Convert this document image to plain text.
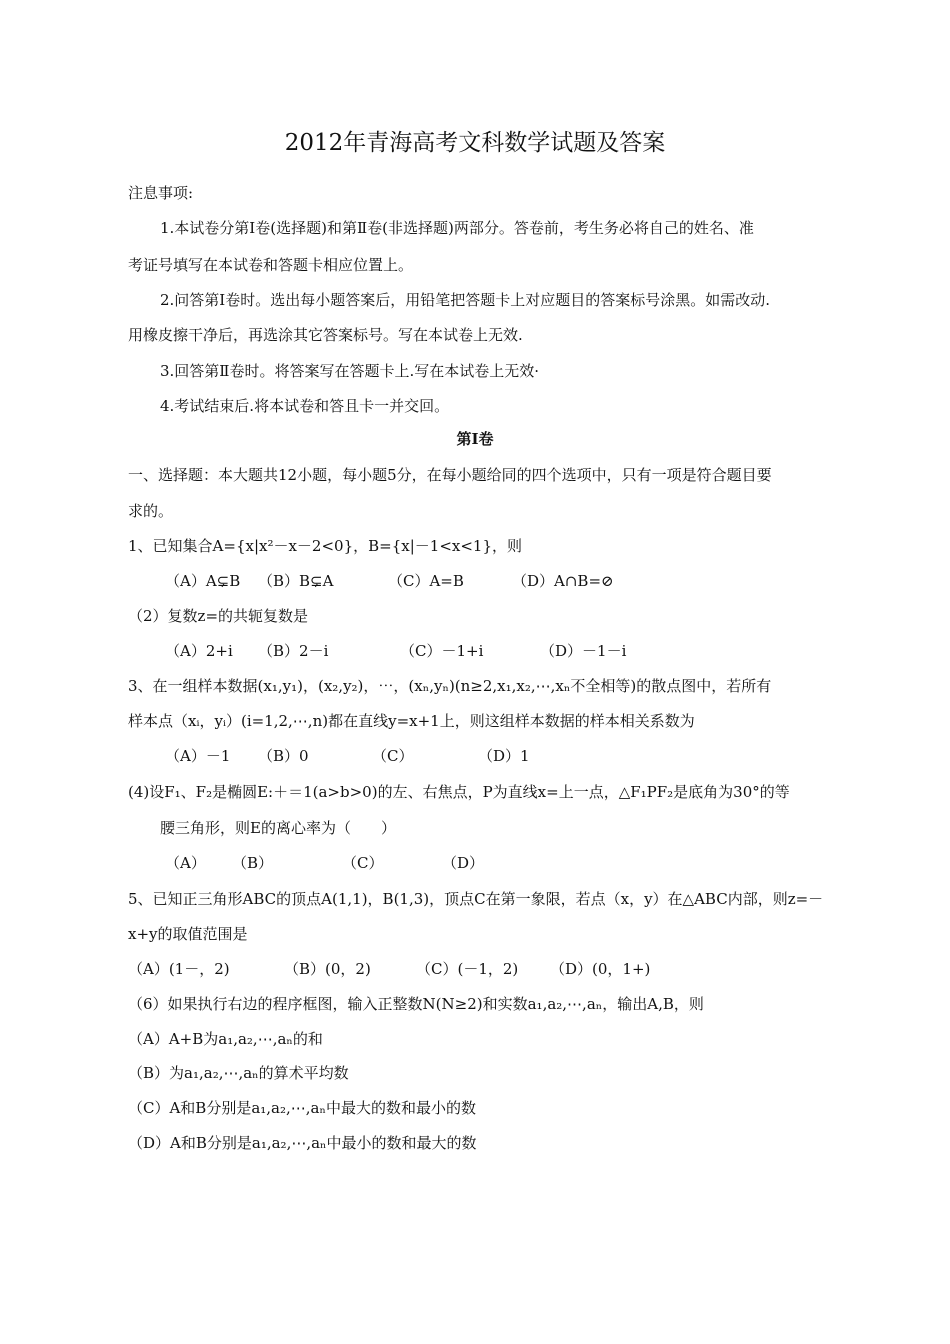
2012年青海高考文科数学试题及答案
注息事项:
1.本试卷分第Ⅰ卷(选择题)和第Ⅱ卷(非选择题)两部分。答卷前，考生务必将自己的姓名、准
考证号填写在本试卷和答题卡相应位置上。
2.问答第Ⅰ卷时。选出每小题答案后，用铅笔把答题卡上对应题目的答案标号涂黑。如需改动.
用橡皮擦干净后，再选涂其它答案标号。写在本试卷上无效.
3.回答第Ⅱ卷时。将答案写在答题卡上.写在本试卷上无效·
4.考试结束后.将本试卷和答且卡一并交回。
第Ⅰ卷
一、选择题：本大题共12小题，每小题5分，在每小题给同的四个选项中，只有一项是符合题目要
求的。
1、已知集合A={x|x²－x－2<0}，B={x|－1<x<1}，则
（A）A⊊B （B）B⊊A	（C）A=B	（D）A∩B=⊘
（2）复数z=的共轭复数是
（A）2+i （B）2－i	（C）－1+i	（D）－1－i
3、在一组样本数据(x₁,y₁)，(x₂,y₂)，⋯，(xₙ,yₙ)(n≥2,x₁,x₂,⋯,xₙ不全相等)的散点图中，若所有
样本点（xᵢ，yᵢ）(i=1,2,⋯,n)都在直线y=x+1上，则这组样本数据的样本相关系数为
（A）－1 （B）0	（C）	（D）1
(4)设F₁、F₂是椭圆E:＋＝1(a>b>0)的左、右焦点，P为直线x=上一点，△F₁PF₂是底角为30°的等
腰三角形，则E的离心率为（　　）
（A） （B）	（C）	（D）
5、已知正三角形ABC的顶点A(1,1)，B(1,3)，顶点C在第一象限，若点（x，y）在△ABC内部，则z=－
x+y的取值范围是
（A）(1－，2)	（B）(0，2)	（C）(－1，2) （D）(0，1+)
（6）如果执行右边的程序框图，输入正整数N(N≥2)和实数a₁,a₂,⋯,aₙ，输出A,B，则
（A）A+B为a₁,a₂,⋯,aₙ的和
（B）为a₁,a₂,⋯,aₙ的算术平均数
（C）A和B分别是a₁,a₂,⋯,aₙ中最大的数和最小的数
（D）A和B分别是a₁,a₂,⋯,aₙ中最小的数和最大的数
